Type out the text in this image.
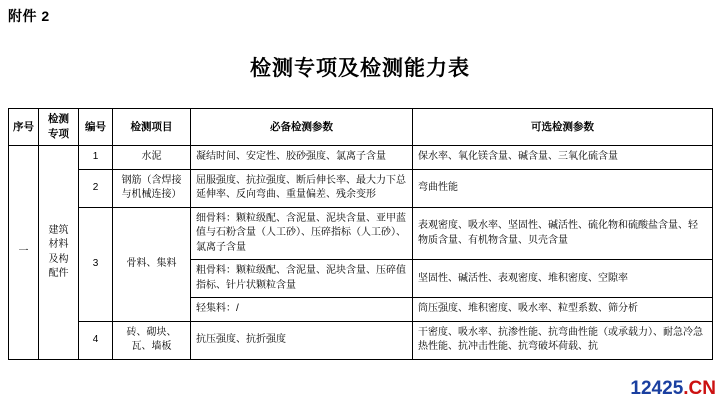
附件 2
检测专项及检测能力表
序号	检测专项	编号	检测项目	必备检测参数	可选检测参数
一	建筑材料及构配件	1	水泥	凝结时间、安定性、胶砂强度、氯离子含量	保水率、氧化镁含量、碱含量、三氧化硫含量
		2	钢筋（含焊接与机械连接）	屈服强度、抗拉强度、断后伸长率、最大力下总延伸率、反向弯曲、重量偏差、残余变形	弯曲性能
		3	骨料、集料	细骨料：颗粒级配、含泥量、泥块含量、亚甲蓝值与石粉含量（人工砂）、压碎指标（人工砂）、氯离子含量	表观密度、吸水率、坚固性、碱活性、硫化物和硫酸盐含量、轻物质含量、有机物含量、贝壳含量
				粗骨料：颗粒级配、含泥量、泥块含量、压碎值指标、针片状颗粒含量	坚固性、碱活性、表观密度、堆积密度、空隙率
				轻集料：/	筒压强度、堆积密度、吸水率、粒型系数、筛分析
		4	砖、砌块、瓦、墙板	抗压强度、抗折强度	干密度、吸水率、抗渗性能、抗弯曲性能（或承载力）、耐急冷急热性能、抗冲击性能、抗弯破坏荷载、抗
12425.CN
